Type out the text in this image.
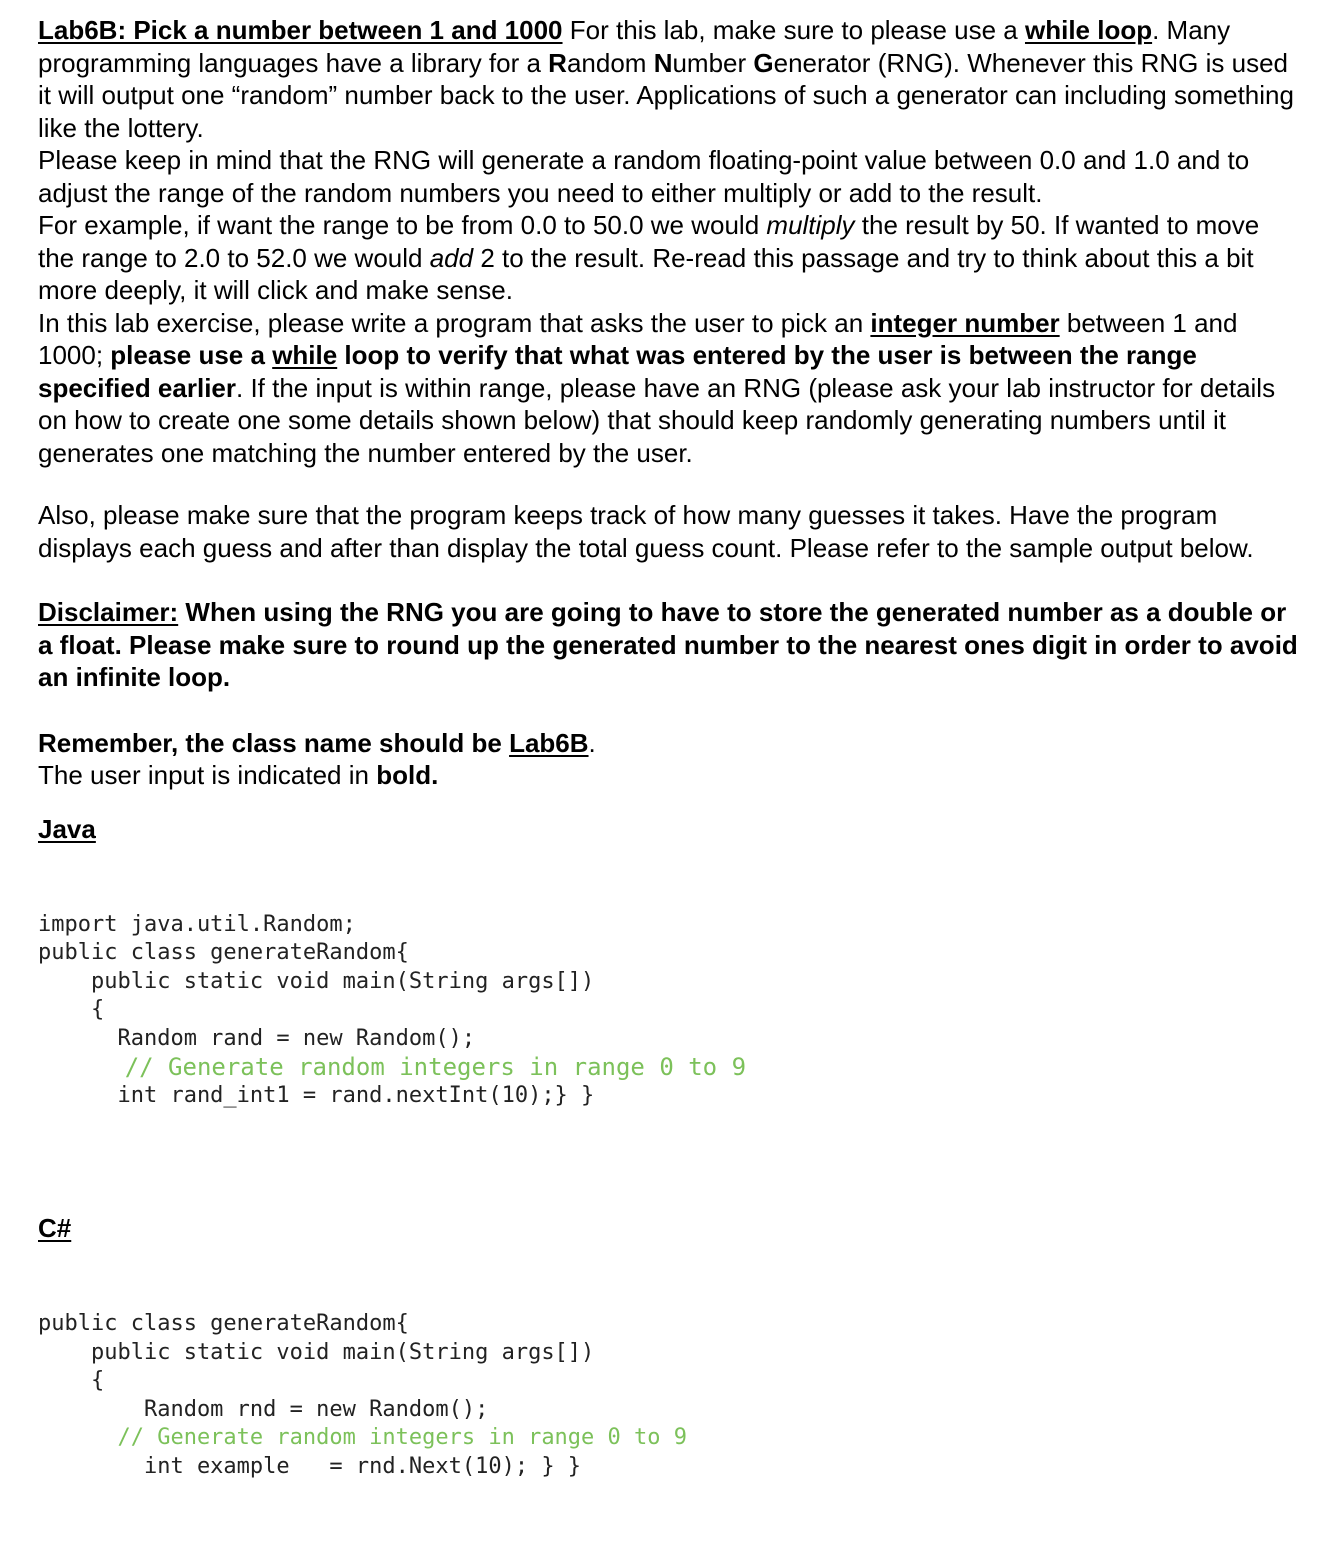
Lab6B: Pick a number between 1 and 1000 For this lab, make sure to please use a while loop. Many programming languages have a library for a Random Number Generator (RNG). Whenever this RNG is used it will output one “random” number back to the user. Applications of such a generator can including something like the lottery.

Please keep in mind that the RNG will generate a random floating-point value between 0.0 and 1.0 and to adjust the range of the random numbers you need to either multiply or add to the result.

For example, if want the range to be from 0.0 to 50.0 we would multiply the result by 50. If wanted to move the range to 2.0 to 52.0 we would add 2 to the result. Re-read this passage and try to think about this a bit more deeply, it will click and make sense.

In this lab exercise, please write a program that asks the user to pick an integer number between 1 and 1000; please use a while loop to verify that what was entered by the user is between the range specified earlier. If the input is within range, please have an RNG (please ask your lab instructor for details on how to create one some details shown below) that should keep randomly generating numbers until it generates one matching the number entered by the user.

Also, please make sure that the program keeps track of how many guesses it takes. Have the program displays each guess and after than display the total guess count. Please refer to the sample output below.

Disclaimer: When using the RNG you are going to have to store the generated number as a double or a float. Please make sure to round up the generated number to the nearest ones digit in order to avoid an infinite loop.

Remember, the class name should be Lab6B.

The user input is indicated in bold.

Java

import java.util.Random;
public class generateRandom{
public static void main(String args[])
{
Random rand = new Random();
// Generate random integers in range 0 to 9
int rand_int1 = rand.nextInt(10);} }

C#

public class generateRandom{
public static void main(String args[])
{
Random rnd = new Random();
// Generate random integers in range 0 to 9
int example   = rnd.Next(10); } }
